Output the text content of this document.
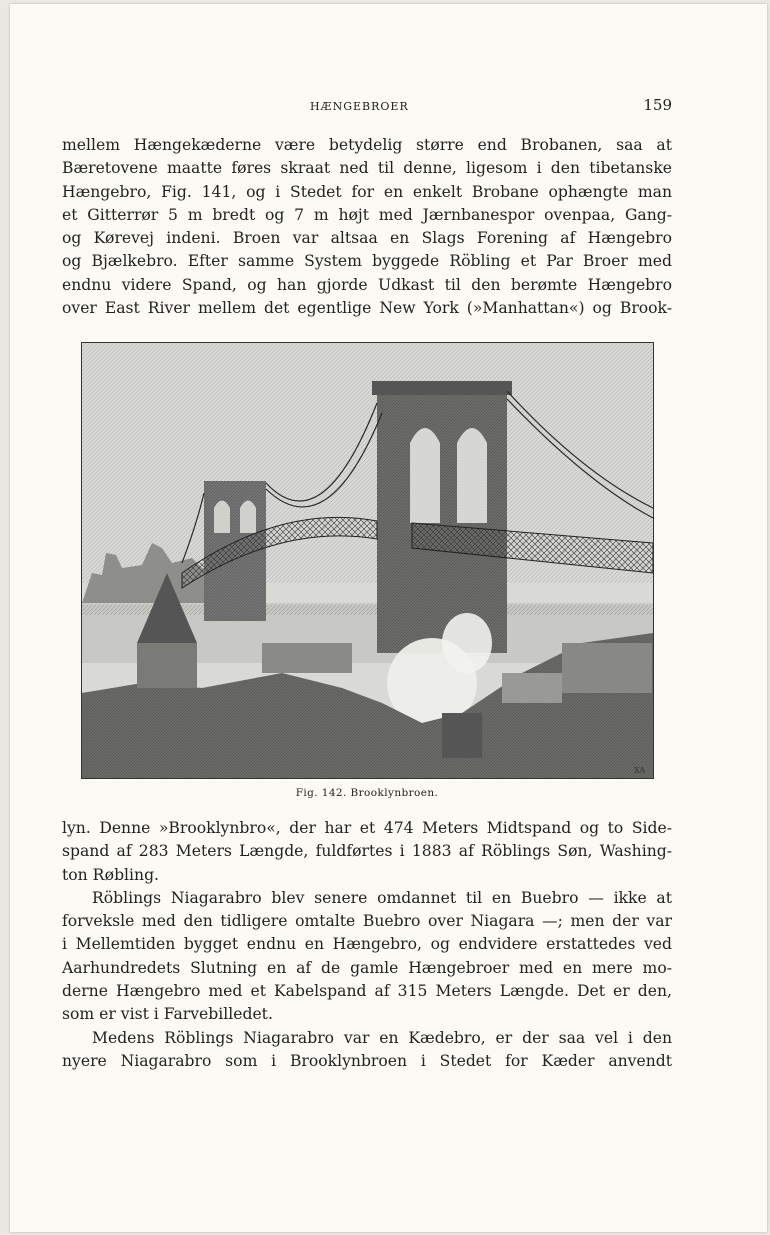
HÆNGEBROER	159
mellem Hængekæderne være betydelig større end Brobanen, saa at
Bæretovene maatte føres skraat ned til denne, ligesom i den tibetanske
Hængebro, Fig. 141, og i Stedet for en enkelt Brobane ophængte man
et Gitterrør 5 m bredt og 7 m højt med Jærnbanespor ovenpaa, Gang-
og Kørevej indeni. Broen var altsaa en Slags Forening af Hængebro
og Bjælkebro. Efter samme System byggede Röbling et Par Broer med
endnu videre Spand, og han gjorde Udkast til den berømte Hængebro
over East River mellem det egentlige New York (»Manhattan«) og Brook-
XA
Fig. 142. Brooklynbroen.
lyn. Denne »Brooklynbro«, der har et 474 Meters Midtspand og to Side-
spand af 283 Meters Længde, fuldførtes i 1883 af Röblings Søn, Washing-
ton Røbling.
Röblings Niagarabro blev senere omdannet til en Buebro — ikke at
forveksle med den tidligere omtalte Buebro over Niagara —; men der var
i Mellemtiden bygget endnu en Hængebro, og endvidere erstattedes ved
Aarhundredets Slutning en af de gamle Hængebroer med en mere mo-
derne Hængebro med et Kabelspand af 315 Meters Længde. Det er den,
som er vist i Farvebilledet.
Medens Röblings Niagarabro var en Kædebro, er der saa vel i den
nyere Niagarabro som i Brooklynbroen i Stedet for Kæder anvendt
